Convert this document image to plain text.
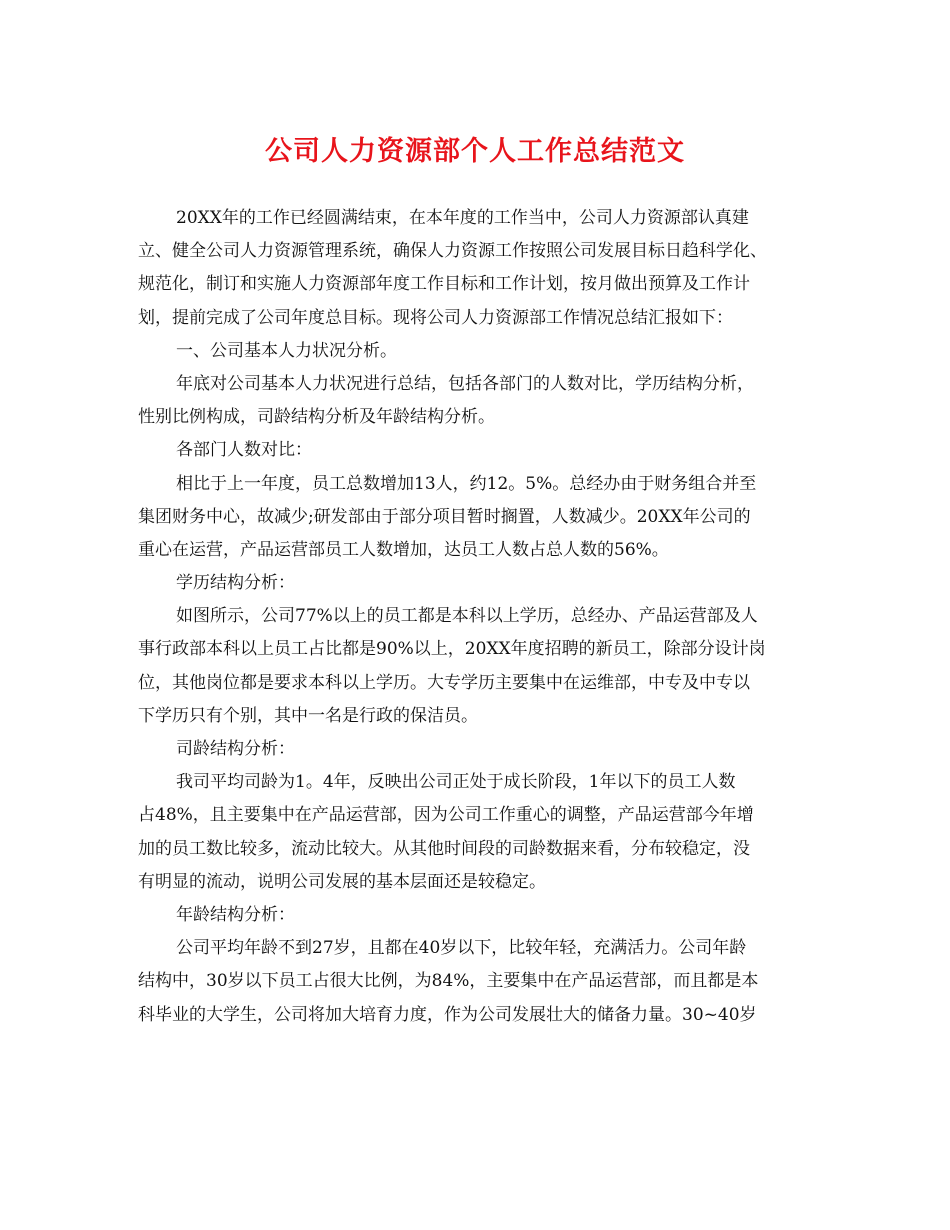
公司人力资源部个人工作总结范文
20XX年的工作已经圆满结束，在本年度的工作当中，公司人力资源部认真建
立、健全公司人力资源管理系统，确保人力资源工作按照公司发展目标日趋科学化、
规范化，制订和实施人力资源部年度工作目标和工作计划，按月做出预算及工作计
划，提前完成了公司年度总目标。现将公司人力资源部工作情况总结汇报如下：
一、公司基本人力状况分析。
年底对公司基本人力状况进行总结，包括各部门的人数对比，学历结构分析，
性别比例构成，司龄结构分析及年龄结构分析。
各部门人数对比：
相比于上一年度，员工总数增加13人，约12。5%。总经办由于财务组合并至
集团财务中心，故减少;研发部由于部分项目暂时搁置，人数减少。20XX年公司的
重心在运营，产品运营部员工人数增加，达员工人数占总人数的56%。
学历结构分析：
如图所示，公司77%以上的员工都是本科以上学历，总经办、产品运营部及人
事行政部本科以上员工占比都是90%以上，20XX年度招聘的新员工，除部分设计岗
位，其他岗位都是要求本科以上学历。大专学历主要集中在运维部，中专及中专以
下学历只有个别，其中一名是行政的保洁员。
司龄结构分析：
我司平均司龄为1。4年，反映出公司正处于成长阶段，1年以下的员工人数
占48%，且主要集中在产品运营部，因为公司工作重心的调整，产品运营部今年增
加的员工数比较多，流动比较大。从其他时间段的司龄数据来看，分布较稳定，没
有明显的流动，说明公司发展的基本层面还是较稳定。
年龄结构分析：
公司平均年龄不到27岁，且都在40岁以下，比较年轻，充满活力。公司年龄
结构中，30岁以下员工占很大比例，为84%，主要集中在产品运营部，而且都是本
科毕业的大学生，公司将加大培育力度，作为公司发展壮大的储备力量。30~40岁
